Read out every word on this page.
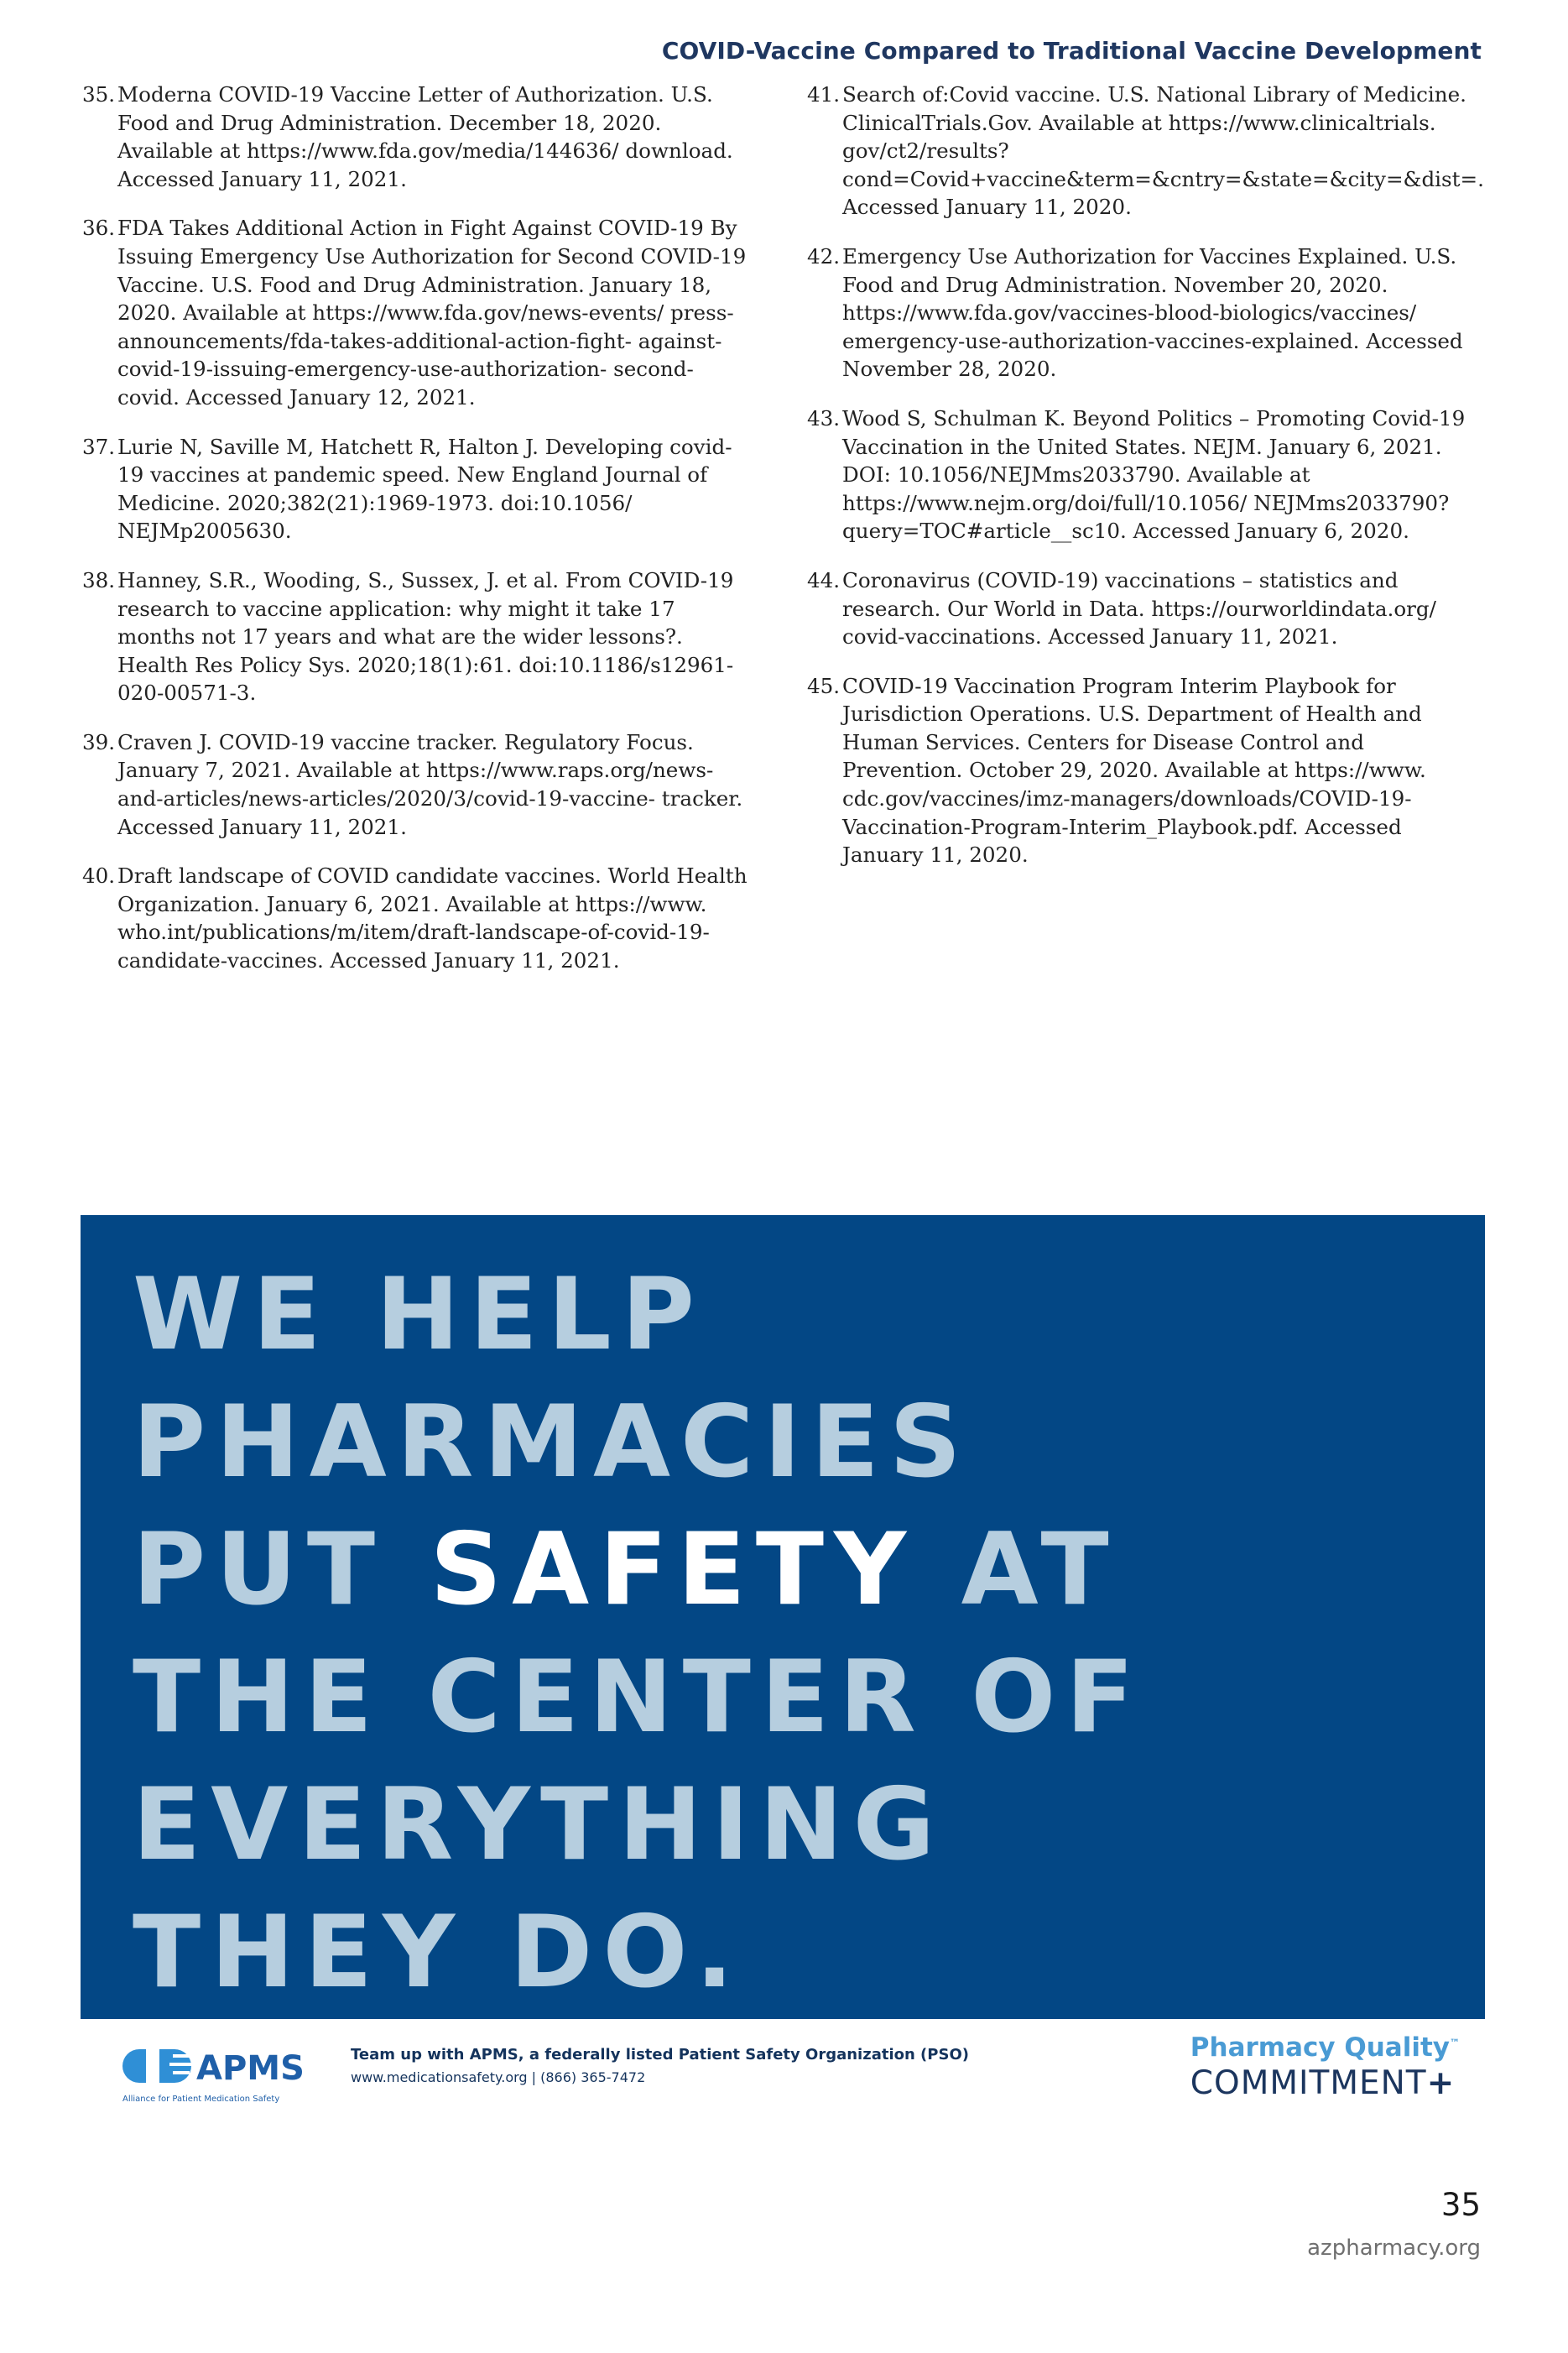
COVID-Vaccine Compared to Traditional Vaccine Development
35. Moderna COVID-19 Vaccine Letter of Authorization. U.S. Food and Drug Administration. December 18, 2020. Available at https://www.fda.gov/media/144636/ download. Accessed January 11, 2021.
36. FDA Takes Additional Action in Fight Against COVID-19 By Issuing Emergency Use Authorization for Second COVID-19 Vaccine. U.S. Food and Drug Administration. January 18, 2020. Available at https://www.fda.gov/news-events/ press-announcements/fda-takes-additional-action-fight- against-covid-19-issuing-emergency-use-authorization- second-covid. Accessed January 12, 2021.
37. Lurie N, Saville M, Hatchett R, Halton J. Developing covid-19 vaccines at pandemic speed. New England Journal of Medicine. 2020;382(21):1969-1973. doi:10.1056/ NEJMp2005630.
38. Hanney, S.R., Wooding, S., Sussex, J. et al. From COVID-19 research to vaccine application: why might it take 17 months not 17 years and what are the wider lessons?. Health Res Policy Sys. 2020;18(1):61. doi:10.1186/s12961- 020-00571-3.
39. Craven J. COVID-19 vaccine tracker. Regulatory Focus. January 7, 2021. Available at https://www.raps.org/news- and-articles/news-articles/2020/3/covid-19-vaccine- tracker. Accessed January 11, 2021.
40. Draft landscape of COVID candidate vaccines. World Health Organization. January 6, 2021. Available at https://www. who.int/publications/m/item/draft-landscape-of-covid-19- candidate-vaccines. Accessed January 11, 2021.
41. Search of:Covid vaccine. U.S. National Library of Medicine. ClinicalTrials.Gov. Available at https://www.clinicaltrials. gov/ct2/results? cond=Covid+vaccine&term=&cntry=&state=&city=&dist=. Accessed January 11, 2020.
42. Emergency Use Authorization for Vaccines Explained. U.S. Food and Drug Administration. November 20, 2020. https://www.fda.gov/vaccines-blood-biologics/vaccines/ emergency-use-authorization-vaccines-explained. Accessed November 28, 2020.
43. Wood S, Schulman K. Beyond Politics – Promoting Covid-19 Vaccination in the United States. NEJM. January 6, 2021. DOI: 10.1056/NEJMms2033790. Available at https://www.nejm.org/doi/full/10.1056/ NEJMms2033790?query=TOC#article__sc10. Accessed January 6, 2020.
44. Coronavirus (COVID-19) vaccinations – statistics and research. Our World in Data. https://ourworldindata.org/ covid-vaccinations. Accessed January 11, 2021.
45. COVID-19 Vaccination Program Interim Playbook for Jurisdiction Operations. U.S. Department of Health and Human Services. Centers for Disease Control and Prevention. October 29, 2020. Available at https://www. cdc.gov/vaccines/imz-managers/downloads/COVID-19- Vaccination-Program-Interim_Playbook.pdf. Accessed January 11, 2020.
WE HELP
PHARMACIES
PUT SAFETY AT
THE CENTER OF
EVERYTHING
THEY DO.
APMS
Alliance for Patient Medication Safety
Team up with APMS, a federally listed Patient Safety Organization (PSO)
www.medicationsafety.org | (866) 365-7472
Pharmacy Quality™
COMMITMENT+
35
azpharmacy.org
